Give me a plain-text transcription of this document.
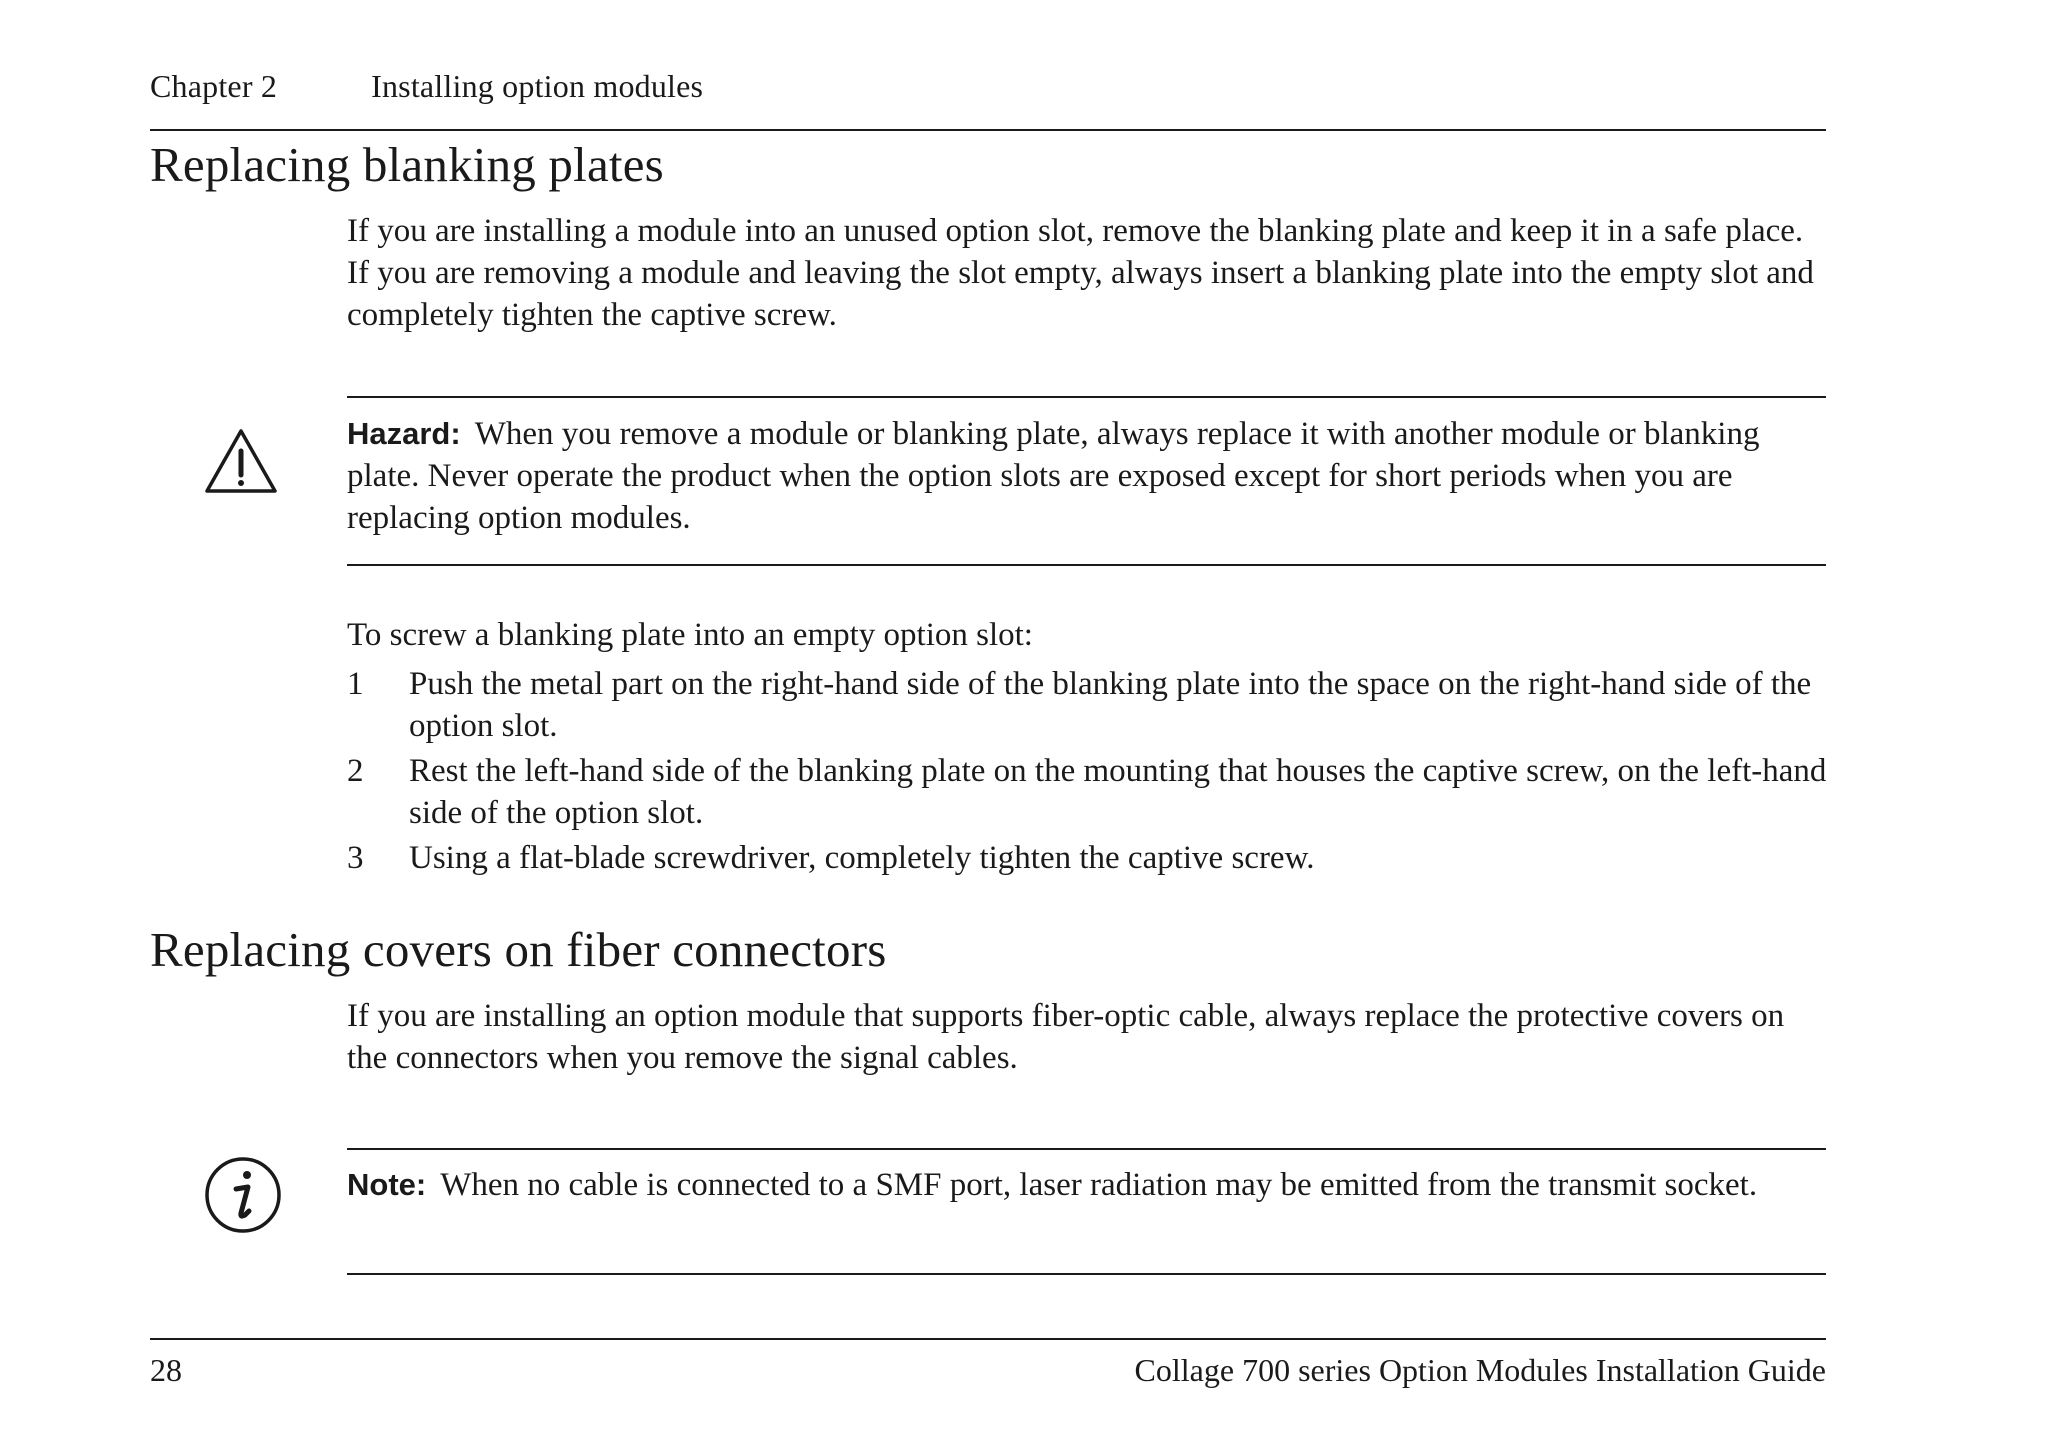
Chapter 2	Installing option modules
Replacing blanking plates

If you are installing a module into an unused option slot, remove the blanking plate and keep it in a safe place. If you are removing a module and leaving the slot empty, always insert a blanking plate into the empty slot and completely tighten the captive screw.

Hazard: When you remove a module or blanking plate, always replace it with another module or blanking plate. Never operate the product when the option slots are exposed except for short periods when you are replacing option modules.

To screw a blanking plate into an empty option slot:

1 Push the metal part on the right-hand side of the blanking plate into the space on the right-hand side of the option slot.
2 Rest the left-hand side of the blanking plate on the mounting that houses the captive screw, on the left-hand side of the option slot.
3 Using a flat-blade screwdriver, completely tighten the captive screw.
Replacing covers on fiber connectors

If you are installing an option module that supports fiber-optic cable, always replace the protective covers on the connectors when you remove the signal cables.

Note: When no cable is connected to a SMF port, laser radiation may be emitted from the transmit socket.

28	Collage 700 series Option Modules Installation Guide
